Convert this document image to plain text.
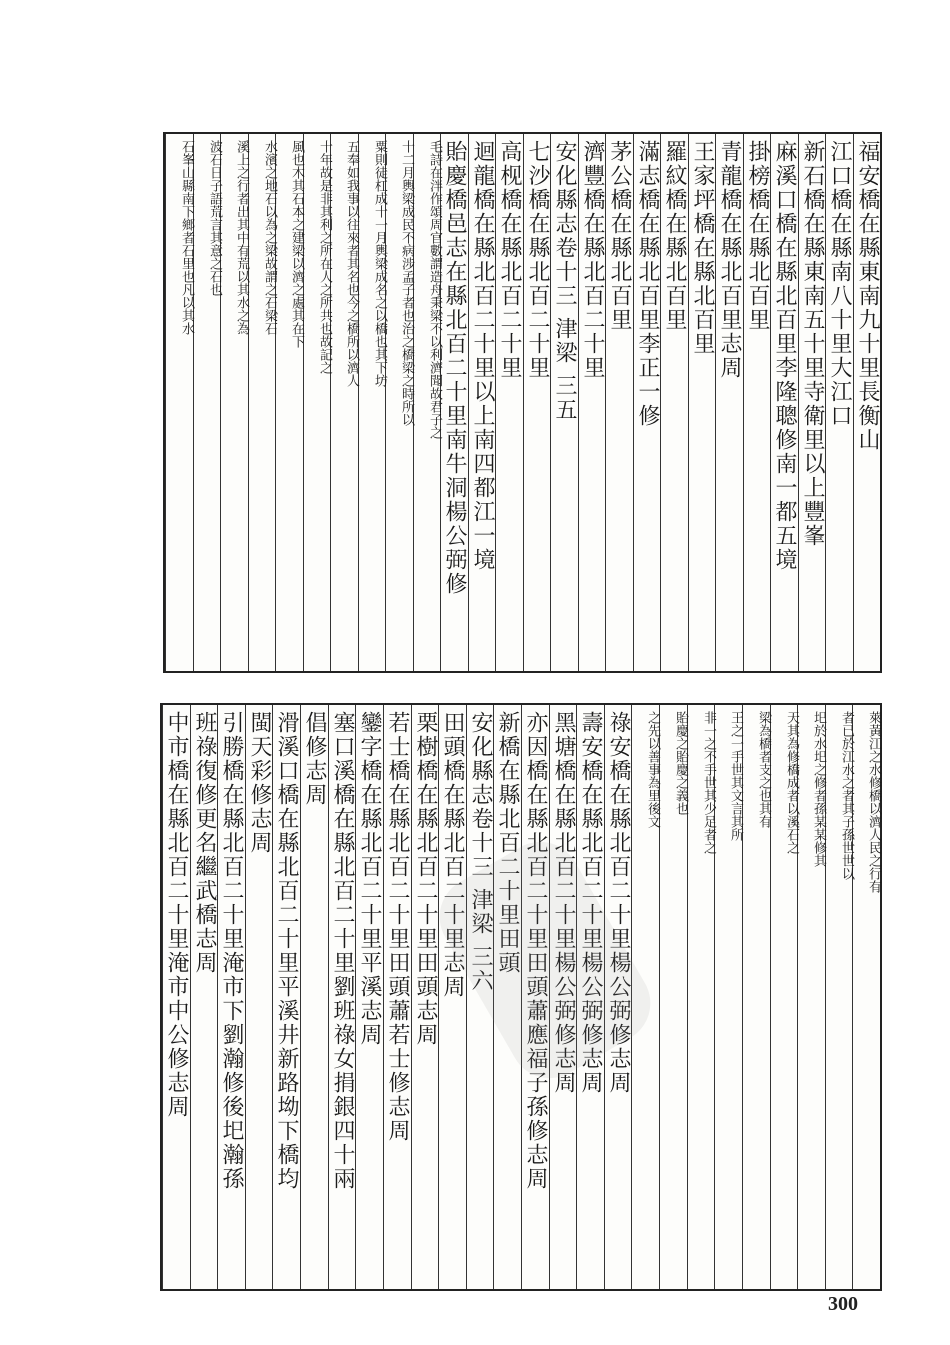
福安橋在縣東南九十里長衡山
江口橋在縣南八十里大江口
新石橋在縣東南五十里寺衛里以上豐峯
麻溪口橋在縣北百里李隆聰修南一都五境
掛榜橋在縣北百里
青龍橋在縣北百里志周
王家坪橋在縣北百里
羅紋橋在縣北百里
滿志橋在縣北百里李正一修
茅公橋在縣北百里
濟豐橋在縣北百二十里
安化縣志卷十三 津梁 三五
七沙橋在縣北百二十里
高枧橋在縣北百二十里
迴龍橋在縣北百二十里以上南四都江一境
貽慶橋邑志在縣北百二十里南牛洞楊公弼修
毛詩在泮作頌周官數謂造舟秉梁不以利濟聞故君子之
十二月輿梁成民不病涉孟子者也治之橋梁之時所以
粟則徒杠成十一月輿梁成名之以橋也其下坊
五奉如我事以往來者其名也今之橋所以濟人
十年故是非其利之所在人之所共也故記之
風也木其石本之建梁以濟之處其在下
水濱之地石以為之梁故謂之石梁石
溪上之行者出其中有荒以其水之為
波石日子語荒言其意之石也
石峯山縣南下鄉者石里也凡以其水
萊黃江之水修橋以濟人民之行有
者已於江水之者其子孫世世以
圯於水圯之修者孫某某修其
天其為修橋成者以溪石之
梁為橋者支之也其有
王之一手世其文言其所
非一之不手世其少足者之
貽慶之貽慶之義也
之先以善事為里後文
祿安橋在縣北百二十里楊公弼修志周
壽安橋在縣北百二十里楊公弼修志周
黑塘橋在縣北百二十里楊公弼修志周
亦因橋在縣北百二十里田頭蕭應福子孫修志周
新橋在縣北百二十里田頭
安化縣志卷十三 津梁 三六
田頭橋在縣北百二十里志周
栗樹橋在縣北百二十里田頭志周
若士橋在縣北百二十里田頭蕭若士修志周
鑾字橋在縣北百二十里平溪志周
塞口溪橋在縣北百二十里劉班祿女捐銀四十兩
倡修志周
滑溪口橋在縣北百二十里平溪井新路坳下橋均
閩天彩修志周
引勝橋在縣北百二十里淹市下劉瀚修後圯瀚孫
班祿復修更名繼武橋志周
中市橋在縣北百二十里淹市中公修志周
300
